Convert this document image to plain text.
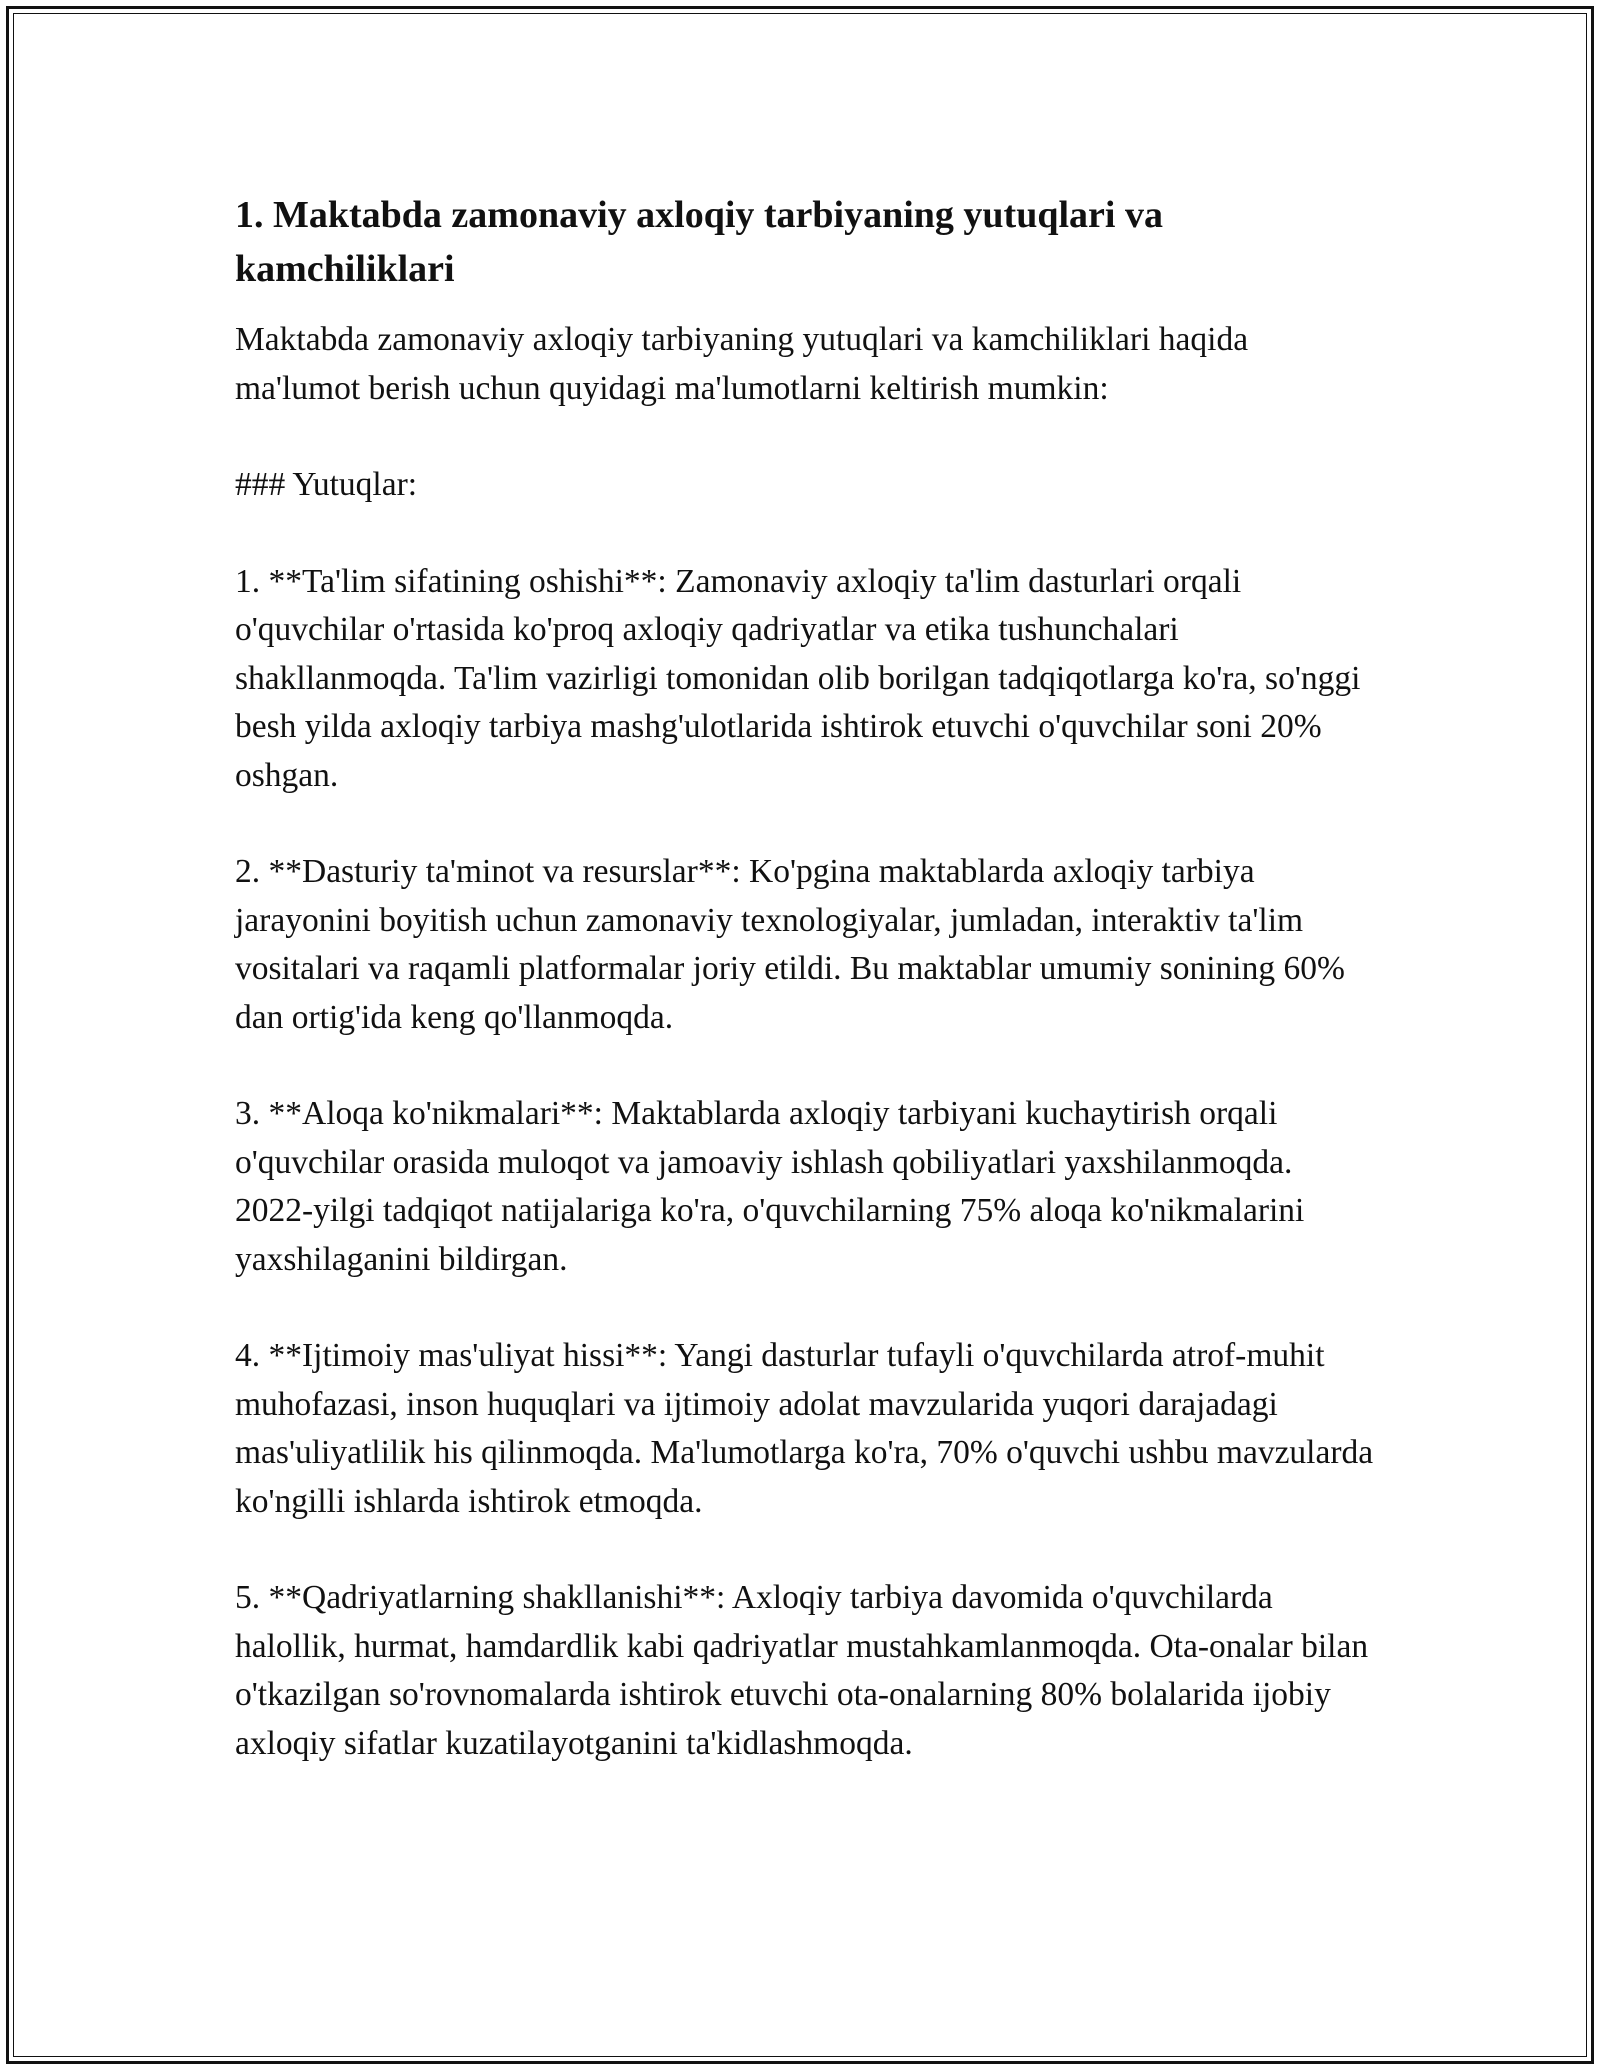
1. Maktabda zamonaviy axloqiy tarbiyaning yutuqlari va kamchiliklari

Maktabda zamonaviy axloqiy tarbiyaning yutuqlari va kamchiliklari haqida ma'lumot berish uchun quyidagi ma'lumotlarni keltirish mumkin:

### Yutuqlar:

1. **Ta'lim sifatining oshishi**: Zamonaviy axloqiy ta'lim dasturlari orqali o'quvchilar o'rtasida ko'proq axloqiy qadriyatlar va etika tushunchalari shakllanmoqda. Ta'lim vazirligi tomonidan olib borilgan tadqiqotlarga ko'ra, so'nggi besh yilda axloqiy tarbiya mashg'ulotlarida ishtirok etuvchi o'quvchilar soni 20% oshgan.

2. **Dasturiy ta'minot va resurslar**: Ko'pgina maktablarda axloqiy tarbiya jarayonini boyitish uchun zamonaviy texnologiyalar, jumladan, interaktiv ta'lim vositalari va raqamli platformalar joriy etildi. Bu maktablar umumiy sonining 60% dan ortig'ida keng qo'llanmoqda.

3. **Aloqa ko'nikmalari**: Maktablarda axloqiy tarbiyani kuchaytirish orqali o'quvchilar orasida muloqot va jamoaviy ishlash qobiliyatlari yaxshilanmoqda. 2022-yilgi tadqiqot natijalariga ko'ra, o'quvchilarning 75% aloqa ko'nikmalarini yaxshilaganini bildirgan.

4. **Ijtimoiy mas'uliyat hissi**: Yangi dasturlar tufayli o'quvchilarda atrof-muhit muhofazasi, inson huquqlari va ijtimoiy adolat mavzularida yuqori darajadagi mas'uliyatlilik his qilinmoqda. Ma'lumotlarga ko'ra, 70% o'quvchi ushbu mavzularda ko'ngilli ishlarda ishtirok etmoqda.

5. **Qadriyatlarning shakllanishi**: Axloqiy tarbiya davomida o'quvchilarda halollik, hurmat, hamdardlik kabi qadriyatlar mustahkamlanmoqda. Ota-onalar bilan o'tkazilgan so'rovnomalarda ishtirok etuvchi ota-onalarning 80% bolalarida ijobiy axloqiy sifatlar kuzatilayotganini ta'kidlashmoqda.
